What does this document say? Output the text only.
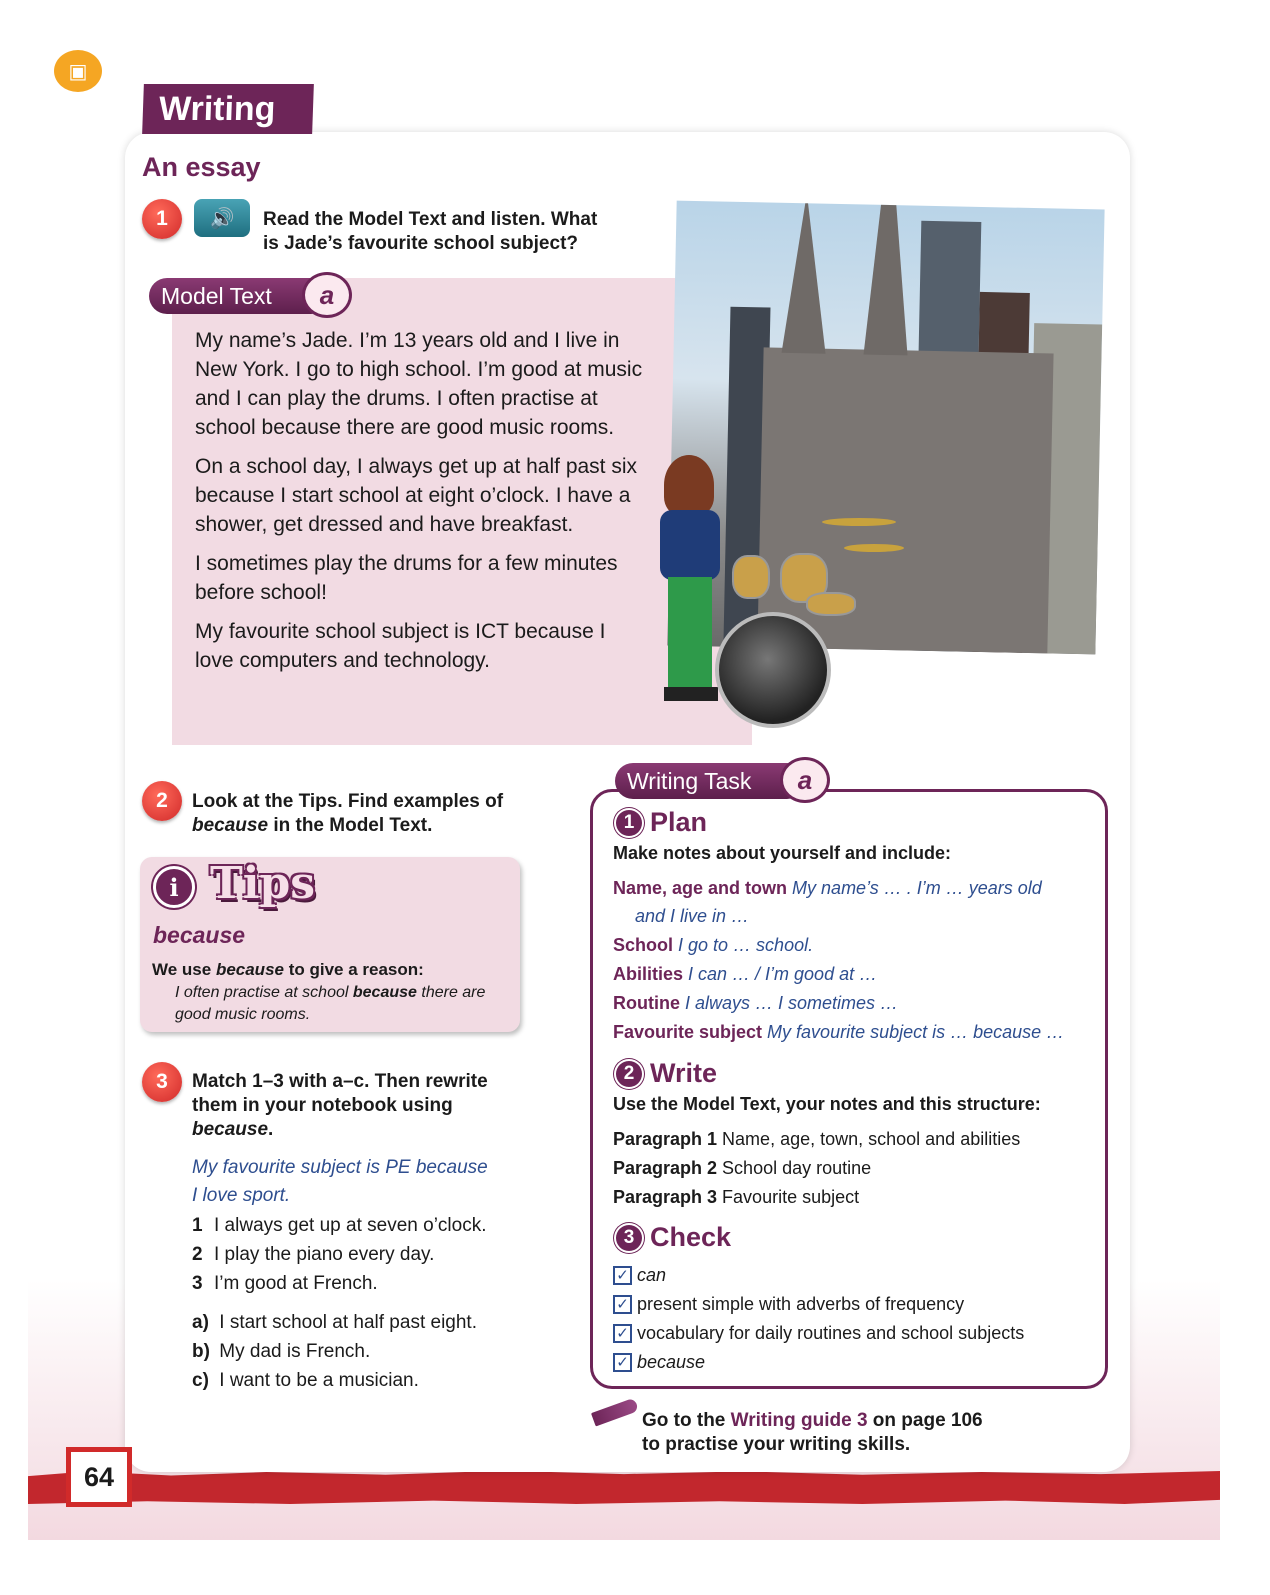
▣
Writing
An essay
1	🔊	Read the Model Text and listen. What
is Jade’s favourite school subject?
Model Text	a

My name’s Jade. I’m 13 years old and I live in New York. I go to high school. I’m good at music and I can play the drums. I often practise at school because there are good music rooms.

On a school day, I always get up at half past six because I start school at eight o’clock. I have a shower, get dressed and have breakfast.

I sometimes play the drums for a few minutes before school!

My favourite school subject is ICT because I love computers and technology.

2	Look at the Tips. Find examples of
because in the Model Text.
i Tips
because
We use because to give a reason:
I often practise at school because there are good music rooms.
3	Match 1–3 with a–c. Then rewrite
them in your notebook using
because.
My favourite subject is PE because
I love sport.
1 I always get up at seven o’clock.
2 I play the piano every day.
3 I’m good at French.
a) I start school at half past eight.
b) My dad is French.
c) I want to be a musician.
Writing Task	a
1 Plan
Make notes about yourself and include:
Name, age and town My name’s … . I’m … years old
and I live in …
School I go to … school.
Abilities I can … / I’m good at …
Routine I always … I sometimes …
Favourite subject My favourite subject is … because …
2 Write
Use the Model Text, your notes and this structure:
Paragraph 1 Name, age, town, school and abilities
Paragraph 2 School day routine
Paragraph 3 Favourite subject
3 Check
✓ can
✓ present simple with adverbs of frequency
✓ vocabulary for daily routines and school subjects
✓ because
Go to the Writing guide 3 on page 106
to practise your writing skills.
64
